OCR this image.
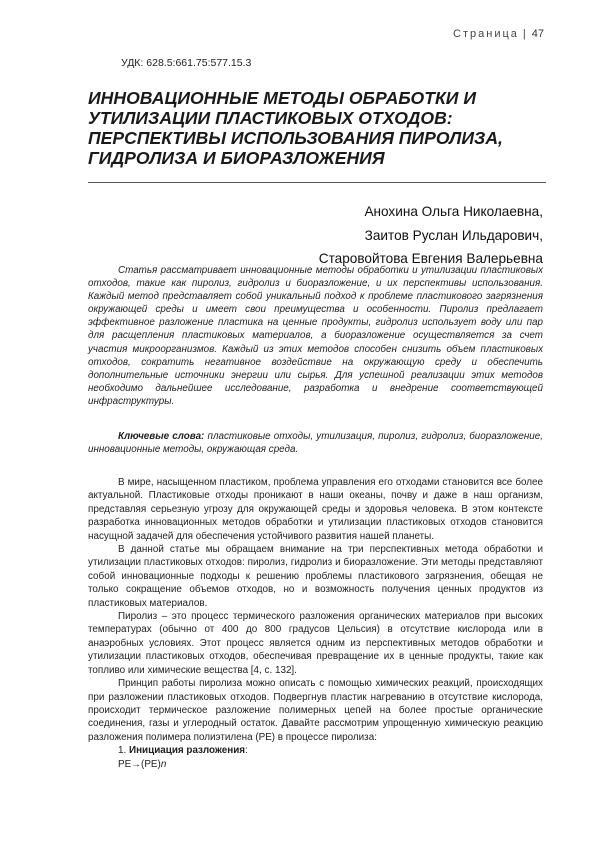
Страница | 47
УДК: 628.5:661.75:577.15.3
ИННОВАЦИОННЫЕ МЕТОДЫ ОБРАБОТКИ И УТИЛИЗАЦИИ ПЛАСТИКОВЫХ ОТХОДОВ: ПЕРСПЕКТИВЫ ИСПОЛЬЗОВАНИЯ ПИРОЛИЗА, ГИДРОЛИЗА И БИОРАЗЛОЖЕНИЯ
Анохина Ольга Николаевна,
Заитов Руслан Ильдарович,
Старовойтова Евгения Валерьевна

Статья рассматривает инновационные методы обработки и утилизации пластиковых отходов, такие как пиролиз, гидролиз и биоразложение, и их перспективы использования. Каждый метод представляет собой уникальный подход к проблеме пластикового загрязнения окружающей среды и имеет свои преимущества и особенности. Пиролиз предлагает эффективное разложение пластика на ценные продукты, гидролиз использует воду или пар для расщепления пластиковых материалов, а биоразложение осуществляется за счет участия микроорганизмов. Каждый из этих методов способен снизить объем пластиковых отходов, сократить негативное воздействие на окружающую среду и обеспечить дополнительные источники энергии или сырья. Для успешной реализации этих методов необходимо дальнейшее исследование, разработка и внедрение соответствующей инфраструктуры.

Ключевые слова: пластиковые отходы, утилизация, пиролиз, гидролиз, биоразложение, инновационные методы, окружающая среда.

В мире, насыщенном пластиком, проблема управления его отходами становится все более актуальной. Пластиковые отходы проникают в наши океаны, почву и даже в наш организм, представляя серьезную угрозу для окружающей среды и здоровья человека. В этом контексте разработка инновационных методов обработки и утилизации пластиковых отходов становится насущной задачей для обеспечения устойчивого развития нашей планеты.

В данной статье мы обращаем внимание на три перспективных метода обработки и утилизации пластиковых отходов: пиролиз, гидролиз и биоразложение. Эти методы представляют собой инновационные подходы к решению проблемы пластикового загрязнения, обещая не только сокращение объемов отходов, но и возможность получения ценных продуктов из пластиковых материалов.

Пиролиз – это процесс термического разложения органических материалов при высоких температурах (обычно от 400 до 800 градусов Цельсия) в отсутствие кислорода или в анаэробных условиях. Этот процесс является одним из перспективных методов обработки и утилизации пластиковых отходов, обеспечивая превращение их в ценные продукты, такие как топливо или химические вещества [4, с. 132].

Принцип работы пиролиза можно описать с помощью химических реакций, происходящих при разложении пластиковых отходов. Подвергнув пластик нагреванию в отсутствие кислорода, происходит термическое разложение полимерных цепей на более простые органические соединения, газы и углеродный остаток. Давайте рассмотрим упрощенную химическую реакцию разложения полимера полиэтилена (PE) в процессе пиролиза:

1. Инициация разложения:

PE→(PE)n
